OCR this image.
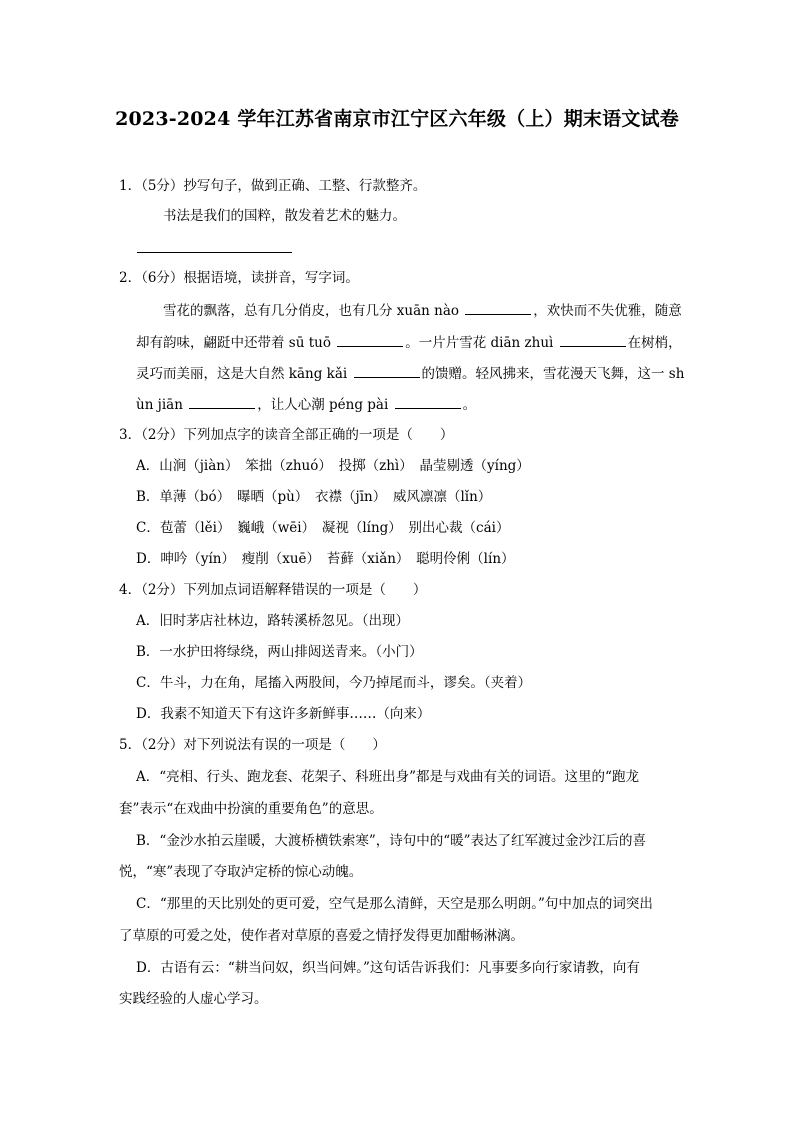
2023-2024 学年江苏省南京市江宁区六年级（上）期末语文试卷
1．（5分）抄写句子，做到正确、工整、行款整齐。
书法是我们的国粹，散发着艺术的魅力。
2．（6分）根据语境，读拼音，写字词。
雪花的飘落，总有几分俏皮，也有几分 xuān nào	，欢快而不失优雅，随意
却有韵味，翩跹中还带着 sū tuō	。一片片雪花 diān zhuì	在树梢，
灵巧而美丽，这是大自然 kāng kǎi	的馈赠。轻风拂来，雪花漫天飞舞，这一 sh
ùn jiān	，让人心潮 péng pài	。
3．（2分）下列加点字的读音全部正确的一项是（　　）
A．山涧（jiàn）　笨拙（zhuó）　投掷（zhì）　晶莹剔透（yíng）
B．单薄（bó）　曝晒（pù）　衣襟（jīn）　威风凛凛（lǐn）
C．苞蕾（lěi）　巍峨（wēi）　凝视（líng）　别出心裁（cái）
D．呻吟（yín）　瘦削（xuē）　苔藓（xiǎn）　聪明伶俐（lín）
4．（2分）下列加点词语解释错误的一项是（　　）
A．旧时茅店社林边，路转溪桥忽见。（出现）
B．一水护田将绿绕，两山排闼送青来。（小门）
C．牛斗，力在角，尾搐入两股间，今乃掉尾而斗，谬矣。（夹着）
D．我素不知道天下有这许多新鲜事……（向来）
5．（2分）对下列说法有误的一项是（　　）
A．“亮相、行头、跑龙套、花架子、科班出身”都是与戏曲有关的词语。这里的“跑龙
套”表示“在戏曲中扮演的重要角色”的意思。
B．“金沙水拍云崖暖，大渡桥横铁索寒”，诗句中的“暖”表达了红军渡过金沙江后的喜
悦，“寒”表现了夺取泸定桥的惊心动魄。
C．“那里的天比别处的更可爱，空气是那么清鲜，天空是那么明朗。”句中加点的词突出
了草原的可爱之处，使作者对草原的喜爱之情抒发得更加酣畅淋漓。
D．古语有云：“耕当问奴，织当问婢。”这句话告诉我们：凡事要多向行家请教，向有
实践经验的人虚心学习。
